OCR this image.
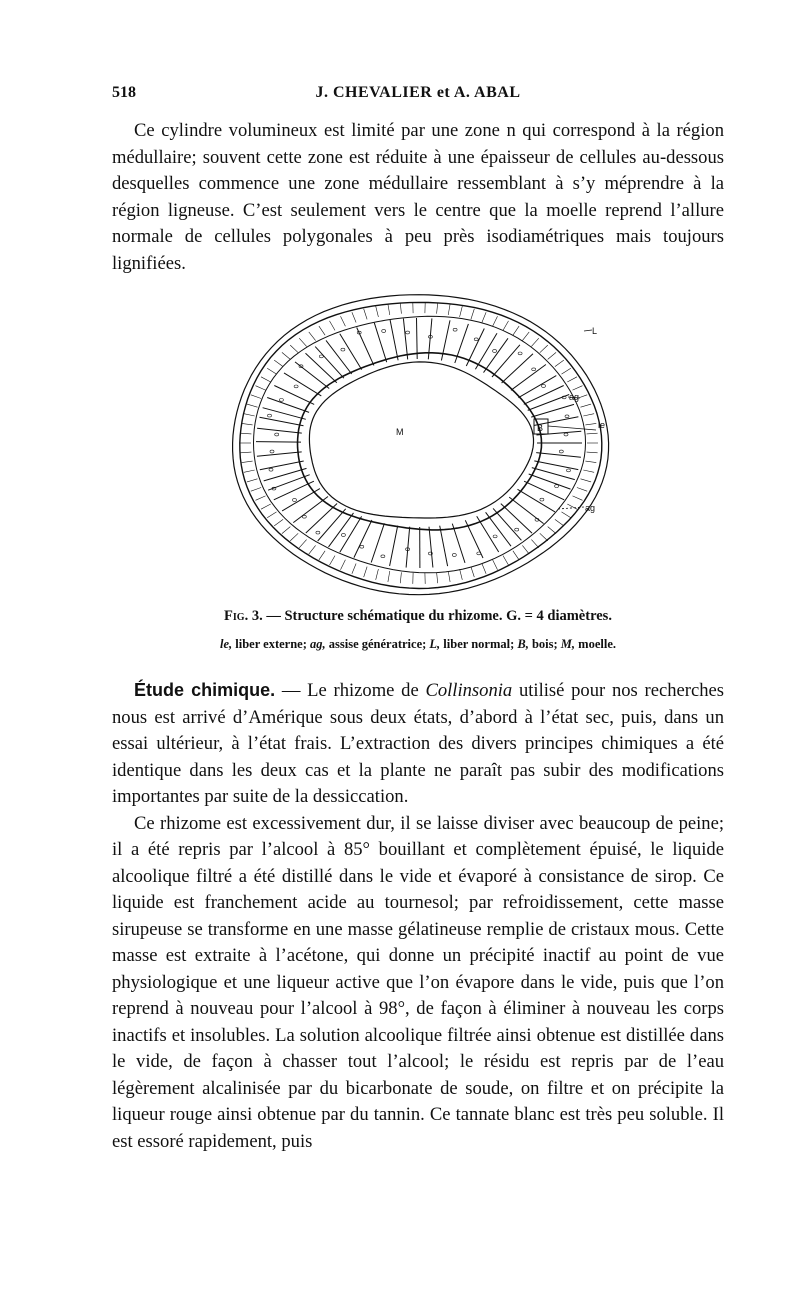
518	J. CHEVALIER et A. ABAL

Ce cylindre volumineux est limité par une zone n qui correspond à la région médullaire; souvent cette zone est réduite à une épaisseur de cellules au-dessous desquelles commence une zone médullaire ressemblant à s’y méprendre à la région ligneuse. C’est seulement vers le centre que la moelle reprend l’allure normale de cellules polygonales à peu près isodiamétriques mais toujours lignifiées.

M
L
ag
le
B
ag
Fig. 3. — Structure schématique du rhizome. G. = 4 diamètres.
le, liber externe; ag, assise génératrice; L, liber normal; B, bois; M, moelle.

Étude chimique. — Le rhizome de Collinsonia utilisé pour nos recherches nous est arrivé d’Amérique sous deux états, d’abord à l’état sec, puis, dans un essai ultérieur, à l’état frais. L’extraction des divers principes chimiques a été identique dans les deux cas et la plante ne paraît pas subir des modifications importantes par suite de la dessiccation.

Ce rhizome est excessivement dur, il se laisse diviser avec beaucoup de peine; il a été repris par l’alcool à 85° bouillant et complètement épuisé, le liquide alcoolique filtré a été distillé dans le vide et évaporé à consistance de sirop. Ce liquide est franchement acide au tournesol; par refroidissement, cette masse sirupeuse se transforme en une masse gélatineuse remplie de cristaux mous. Cette masse est extraite à l’acétone, qui donne un précipité inactif au point de vue physiologique et une liqueur active que l’on évapore dans le vide, puis que l’on reprend à nouveau pour l’alcool à 98°, de façon à éliminer à nouveau les corps inactifs et insolubles. La solution alcoolique filtrée ainsi obtenue est distillée dans le vide, de façon à chasser tout l’alcool; le résidu est repris par de l’eau légèrement alcalinisée par du bicarbonate de soude, on filtre et on précipite la liqueur rouge ainsi obtenue par du tannin. Ce tannate blanc est très peu soluble. Il est essoré rapidement, puis
